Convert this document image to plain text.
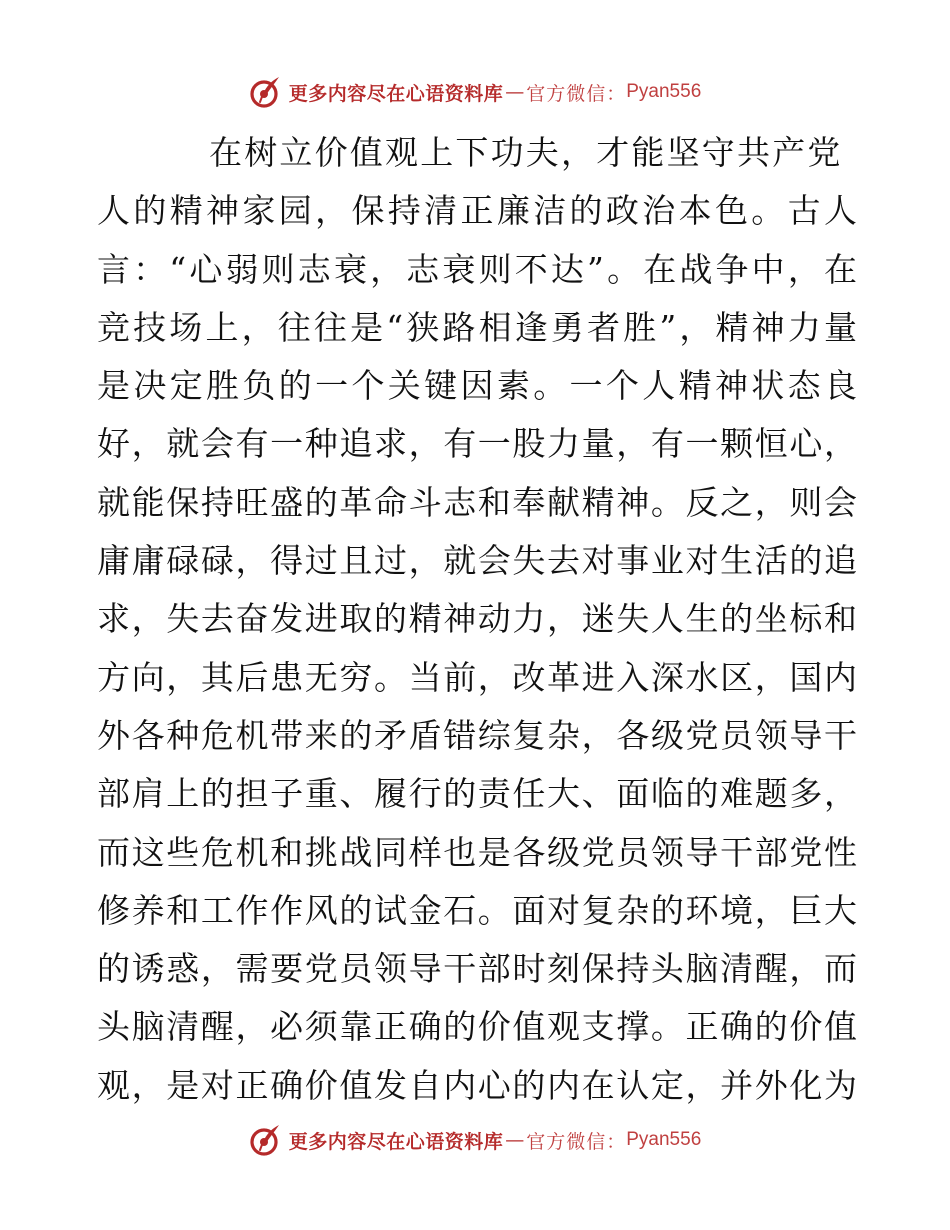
更多内容尽在心语资料库 — 官方微信： Pyan556
在树立价值观上下功夫，才能坚守共产党
人的精神家园，保持清正廉洁的政治本色。古人
言：“心弱则志衰，志衰则不达”。在战争中，在
竞技场上，往往是“狭路相逢勇者胜”，精神力量
是决定胜负的一个关键因素。一个人精神状态良
好，就会有一种追求，有一股力量，有一颗恒心，
就能保持旺盛的革命斗志和奉献精神。反之，则会
庸庸碌碌，得过且过，就会失去对事业对生活的追
求，失去奋发进取的精神动力，迷失人生的坐标和
方向，其后患无穷。当前，改革进入深水区，国内
外各种危机带来的矛盾错综复杂，各级党员领导干
部肩上的担子重、履行的责任大、面临的难题多，
而这些危机和挑战同样也是各级党员领导干部党性
修养和工作作风的试金石。面对复杂的环境，巨大
的诱惑，需要党员领导干部时刻保持头脑清醒，而
头脑清醒，必须靠正确的价值观支撑。正确的价值
观，是对正确价值发自内心的内在认定，并外化为
更多内容尽在心语资料库 — 官方微信： Pyan556
